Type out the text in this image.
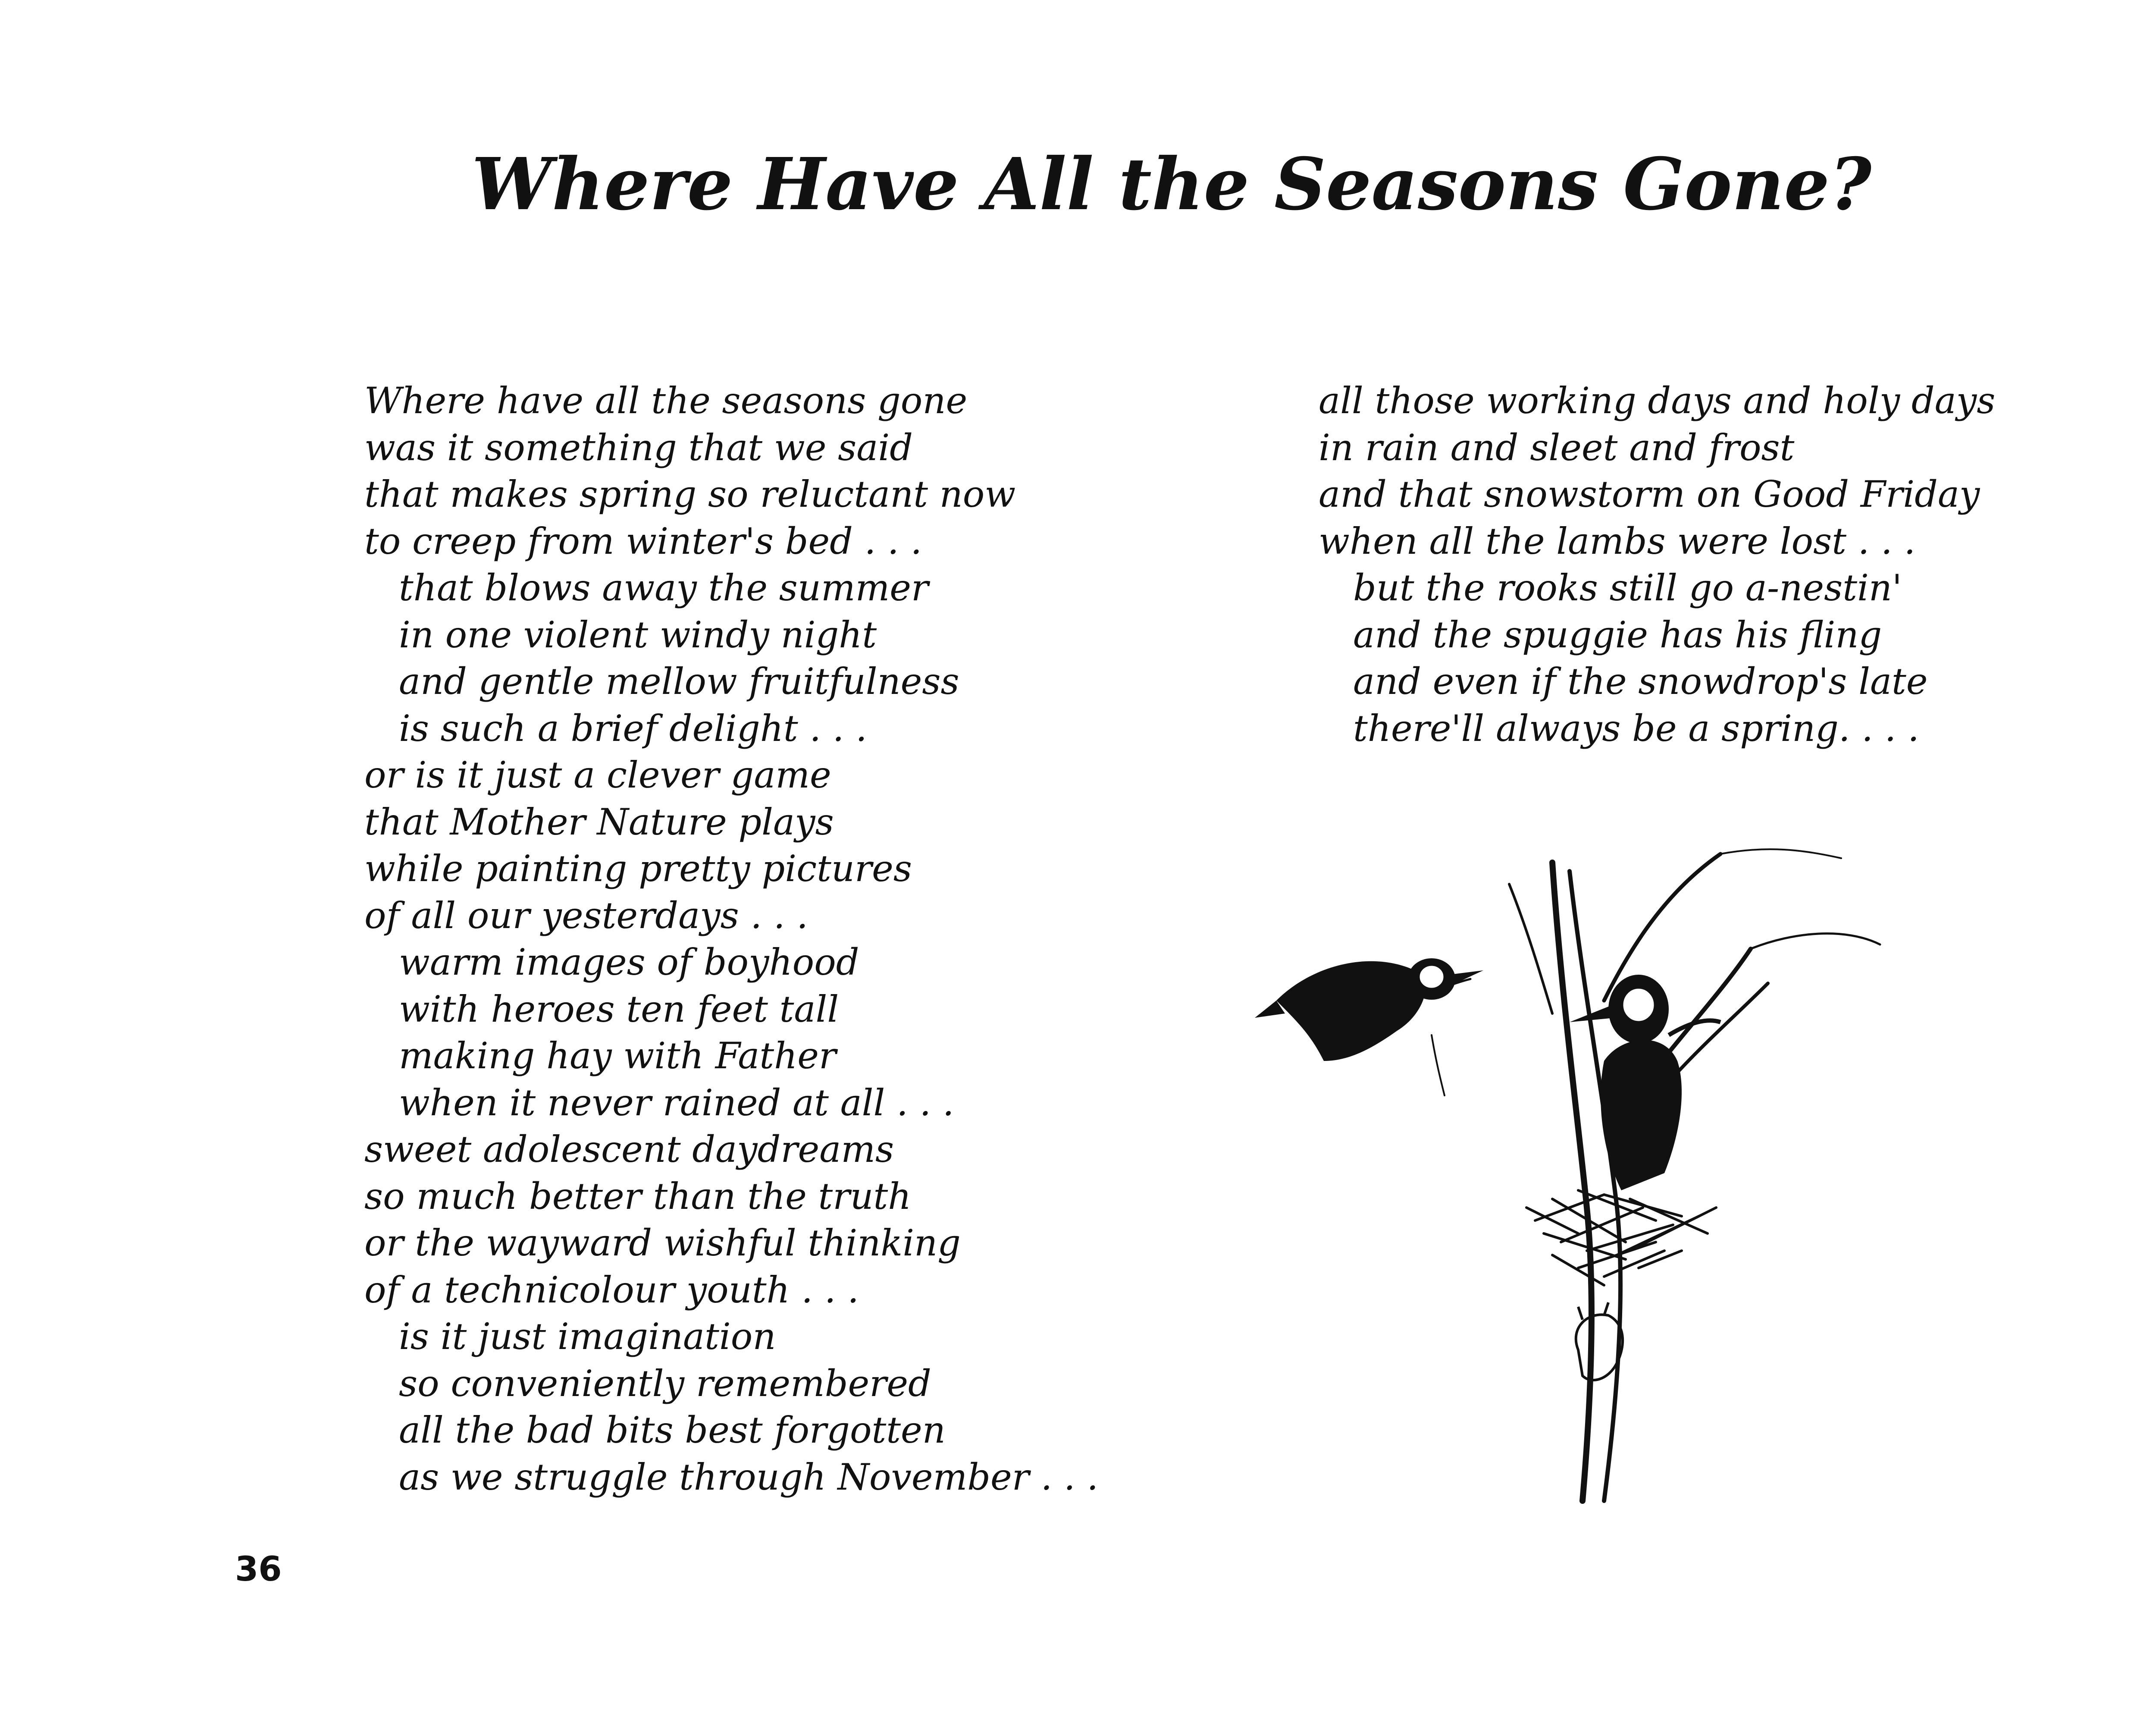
Where Have All the Seasons Gone?
Where have all the seasons gone
was it something that we said
that makes spring so reluctant now
to creep from winter's bed . . .
that blows away the summer
in one violent windy night
and gentle mellow fruitfulness
is such a brief delight . . .
or is it just a clever game
that Mother Nature plays
while painting pretty pictures
of all our yesterdays . . .
warm images of boyhood
with heroes ten feet tall
making hay with Father
when it never rained at all . . .
sweet adolescent daydreams
so much better than the truth
or the wayward wishful thinking
of a technicolour youth . . .
is it just imagination
so conveniently remembered
all the bad bits best forgotten
as we struggle through November . . .
all those working days and holy days
in rain and sleet and frost
and that snowstorm on Good Friday
when all the lambs were lost . . .
but the rooks still go a-nestin'
and the spuggie has his fling
and even if the snowdrop's late
there'll always be a spring. . . .

36
